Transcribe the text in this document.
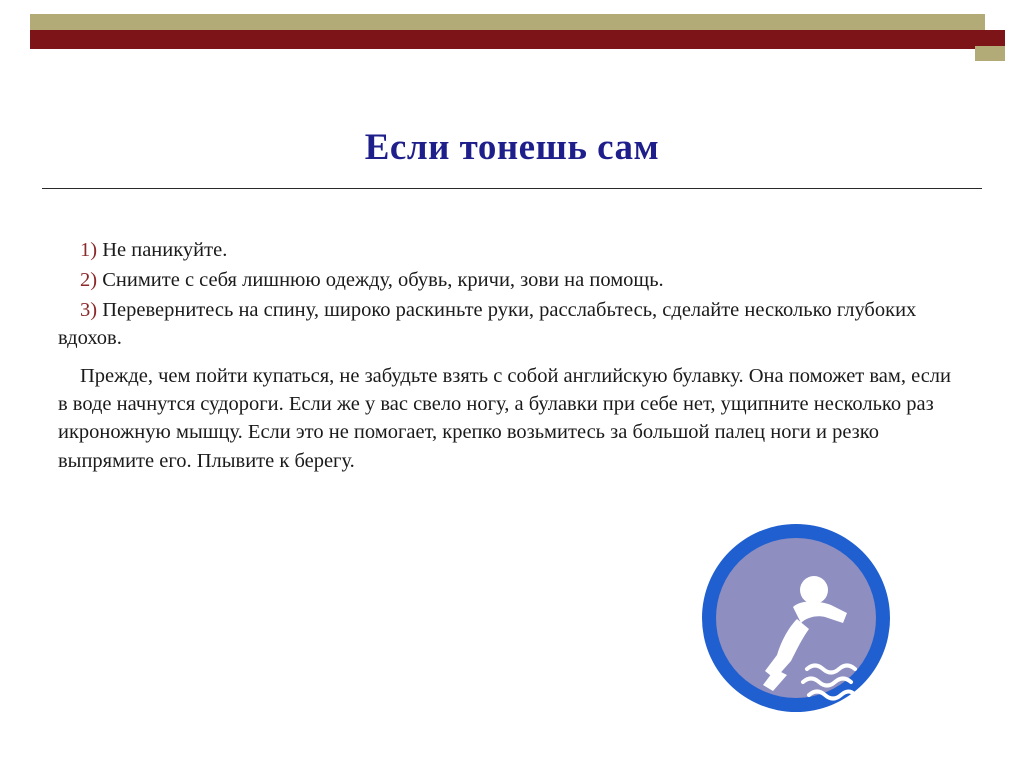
Если тонешь сам

1) Не паникуйте.

2) Снимите с себя лишнюю одежду, обувь, кричи, зови на помощь.

3) Перевернитесь на спину, широко раскиньте руки, расслабьтесь, сделайте несколько глубоких вдохов.

Прежде, чем пойти купаться, не забудьте взять с собой английскую булавку. Она поможет вам, если в воде начнутся судороги. Если же у вас свело ногу, а булавки при себе нет, ущипните несколько раз икроножную мышцу. Если это не помогает, крепко возьмитесь за большой палец ноги и резко выпрямите его. Плывите к берегу.
